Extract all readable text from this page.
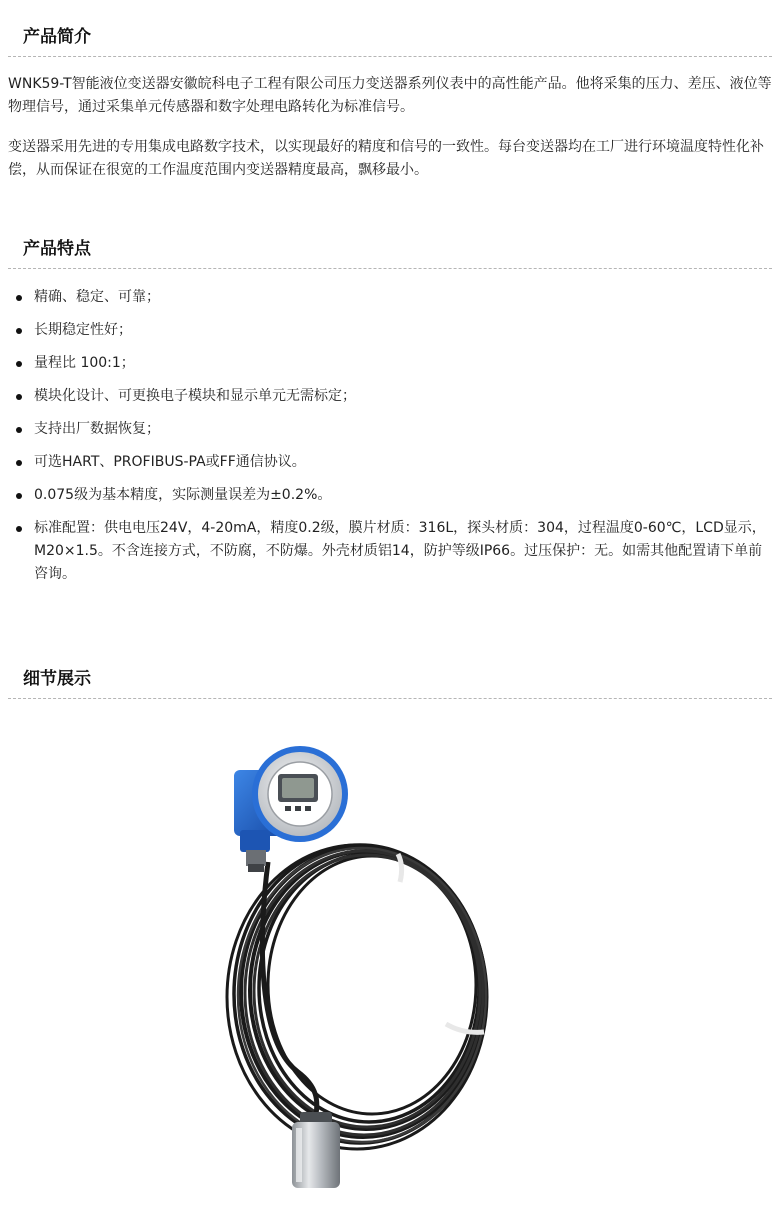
产品简介

WNK59-T智能液位变送器安徽皖科电子工程有限公司压力变送器系列仪表中的高性能产品。他将采集的压力、差压、液位等物理信号，通过采集单元传感器和数字处理电路转化为标准信号。

变送器采用先进的专用集成电路数字技术，以实现最好的精度和信号的一致性。每台变送器均在工厂进行环境温度特性化补偿，从而保证在很宽的工作温度范围内变送器精度最高，飘移最小。

产品特点
精确、稳定、可靠；
长期稳定性好；
量程比 100:1；
模块化设计、可更换电子模块和显示单元无需标定；
支持出厂数据恢复；
可选HART、PROFIBUS-PA或FF通信协议。
0.075级为基本精度，实际测量误差为±0.2%。
标准配置：供电电压24V，4-20mA，精度0.2级，膜片材质：316L，探头材质：304，过程温度0-60℃，LCD显示，M20×1.5。不含连接方式，不防腐，不防爆。外壳材质铝14，防护等级IP66。过压保护：无。如需其他配置请下单前咨询。
细节展示
